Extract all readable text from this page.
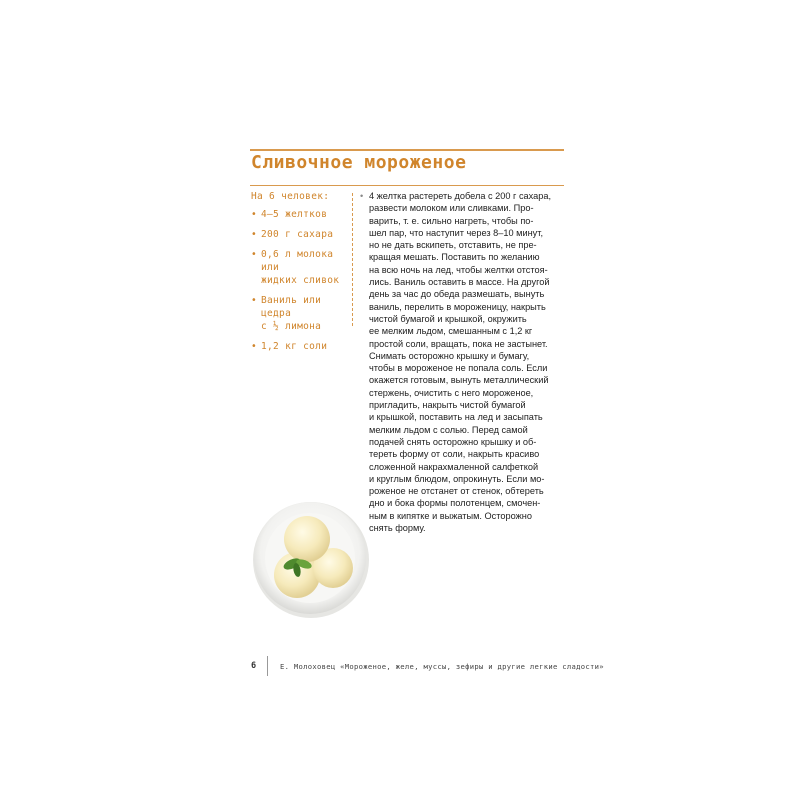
Сливочное мороженое

На 6 человек:

• 4–5 желтков
• 200 г сахара
• 0,6 л молока или
жидких сливок
• Ваниль или цедра
с ½ лимона
• 1,2 кг соли
• 4 желтка растереть добела с 200 г сахара,
развести молоком или сливками. Про-
варить, т. е. сильно нагреть, чтобы по-
шел пар, что наступит через 8–10 минут,
но не дать вскипеть, отставить, не пре-
кращая мешать. Поставить по желанию
на всю ночь на лед, чтобы желтки отстоя-
лись. Ваниль оставить в массе. На другой
день за час до обеда размешать, вынуть
ваниль, перелить в мороженицу, накрыть
чистой бумагой и крышкой, окружить
ее мелким льдом, смешанным с 1,2 кг
простой соли, вращать, пока не застынет.
Снимать осторожно крышку и бумагу,
чтобы в мороженое не попала соль. Если
окажется готовым, вынуть металлический
стержень, очистить с него мороженое,
пригладить, накрыть чистой бумагой
и крышкой, поставить на лед и засыпать
мелким льдом с солью. Перед самой
подачей снять осторожно крышку и об-
тереть форму от соли, накрыть красиво
сложенной накрахмаленной салфеткой
и круглым блюдом, опрокинуть. Если мо-
роженое не отстанет от стенок, обтереть
дно и бока формы полотенцем, смочен-
ным в кипятке и выжатым. Осторожно
снять форму.
6	Е. Молоховец «Мороженое, желе, муссы, зефиры и другие легкие сладости»
